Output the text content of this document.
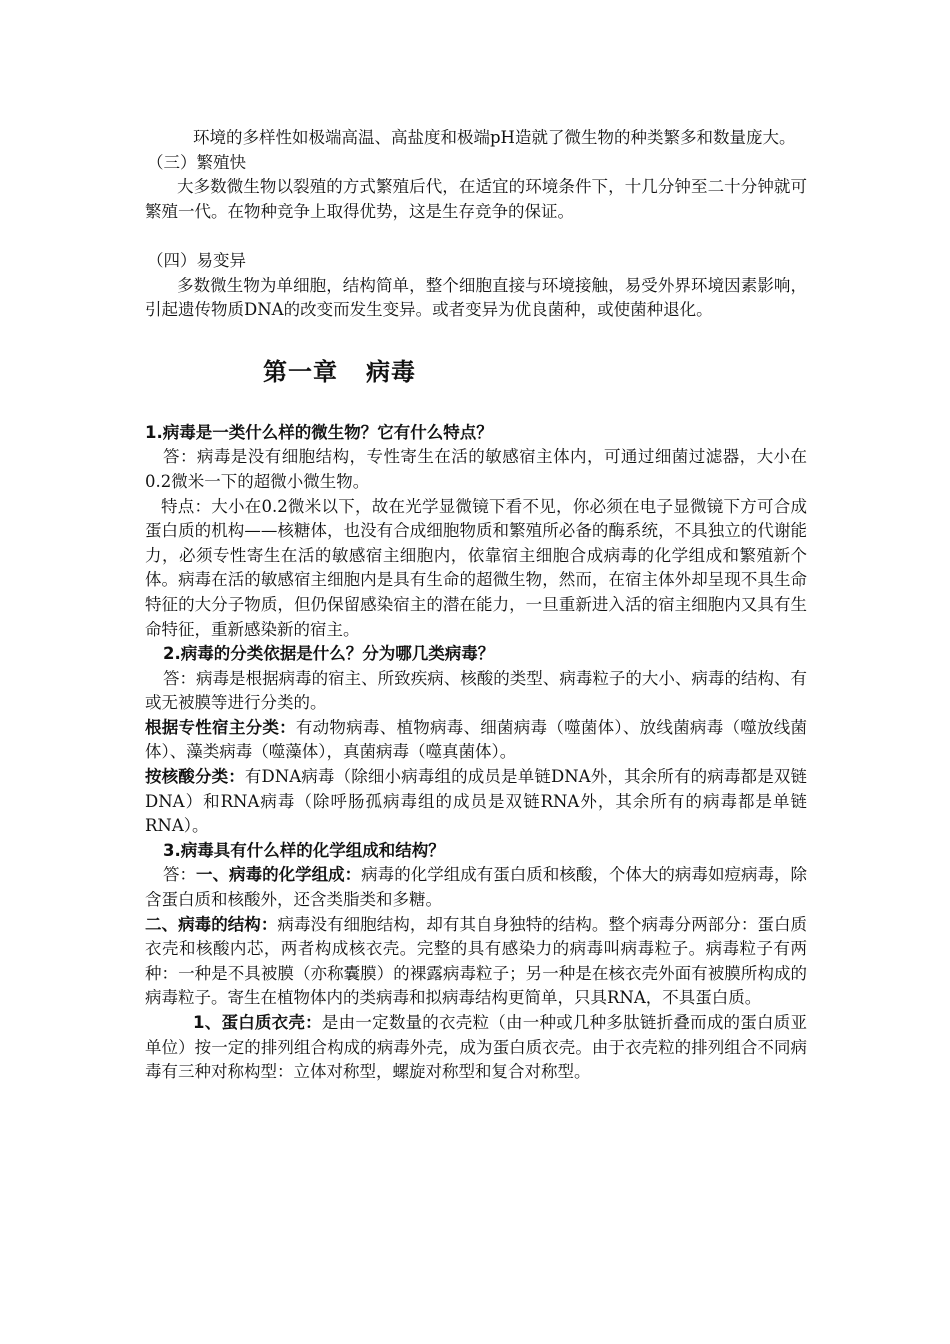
环境的多样性如极端高温、高盐度和极端pH造就了微生物的种类繁多和数量庞大。

（三）繁殖快

大多数微生物以裂殖的方式繁殖后代，在适宜的环境条件下，十几分钟至二十分钟就可繁殖一代。在物种竞争上取得优势，这是生存竞争的保证。

（四）易变异

多数微生物为单细胞，结构简单，整个细胞直接与环境接触，易受外界环境因素影响，引起遗传物质DNA的改变而发生变异。或者变异为优良菌种，或使菌种退化。

第一章 病毒

1.病毒是一类什么样的微生物？它有什么特点？

答：病毒是没有细胞结构，专性寄生在活的敏感宿主体内，可通过细菌过滤器，大小在0.2微米一下的超微小微生物。

特点：大小在0.2微米以下，故在光学显微镜下看不见，你必须在电子显微镜下方可合成蛋白质的机构——核糖体，也没有合成细胞物质和繁殖所必备的酶系统，不具独立的代谢能力，必须专性寄生在活的敏感宿主细胞内，依靠宿主细胞合成病毒的化学组成和繁殖新个体。病毒在活的敏感宿主细胞内是具有生命的超微生物，然而，在宿主体外却呈现不具生命特征的大分子物质，但仍保留感染宿主的潜在能力，一旦重新进入活的宿主细胞内又具有生命特征，重新感染新的宿主。

2.病毒的分类依据是什么？分为哪几类病毒？

答：病毒是根据病毒的宿主、所致疾病、核酸的类型、病毒粒子的大小、病毒的结构、有或无被膜等进行分类的。

根据专性宿主分类：有动物病毒、植物病毒、细菌病毒（噬菌体）、放线菌病毒（噬放线菌体）、藻类病毒（噬藻体），真菌病毒（噬真菌体）。

按核酸分类：有DNA病毒（除细小病毒组的成员是单链DNA外，其余所有的病毒都是双链DNA）和RNA病毒（除呼肠孤病毒组的成员是双链RNA外，其余所有的病毒都是单链RNA）。

3.病毒具有什么样的化学组成和结构？

答：一、病毒的化学组成：病毒的化学组成有蛋白质和核酸，个体大的病毒如痘病毒，除含蛋白质和核酸外，还含类脂类和多糖。

二、病毒的结构：病毒没有细胞结构，却有其自身独特的结构。整个病毒分两部分：蛋白质衣壳和核酸内芯，两者构成核衣壳。完整的具有感染力的病毒叫病毒粒子。病毒粒子有两种：一种是不具被膜（亦称囊膜）的裸露病毒粒子；另一种是在核衣壳外面有被膜所构成的病毒粒子。寄生在植物体内的类病毒和拟病毒结构更简单，只具RNA，不具蛋白质。

1、蛋白质衣壳：是由一定数量的衣壳粒（由一种或几种多肽链折叠而成的蛋白质亚单位）按一定的排列组合构成的病毒外壳，成为蛋白质衣壳。由于衣壳粒的排列组合不同病毒有三种对称构型：立体对称型，螺旋对称型和复合对称型。
